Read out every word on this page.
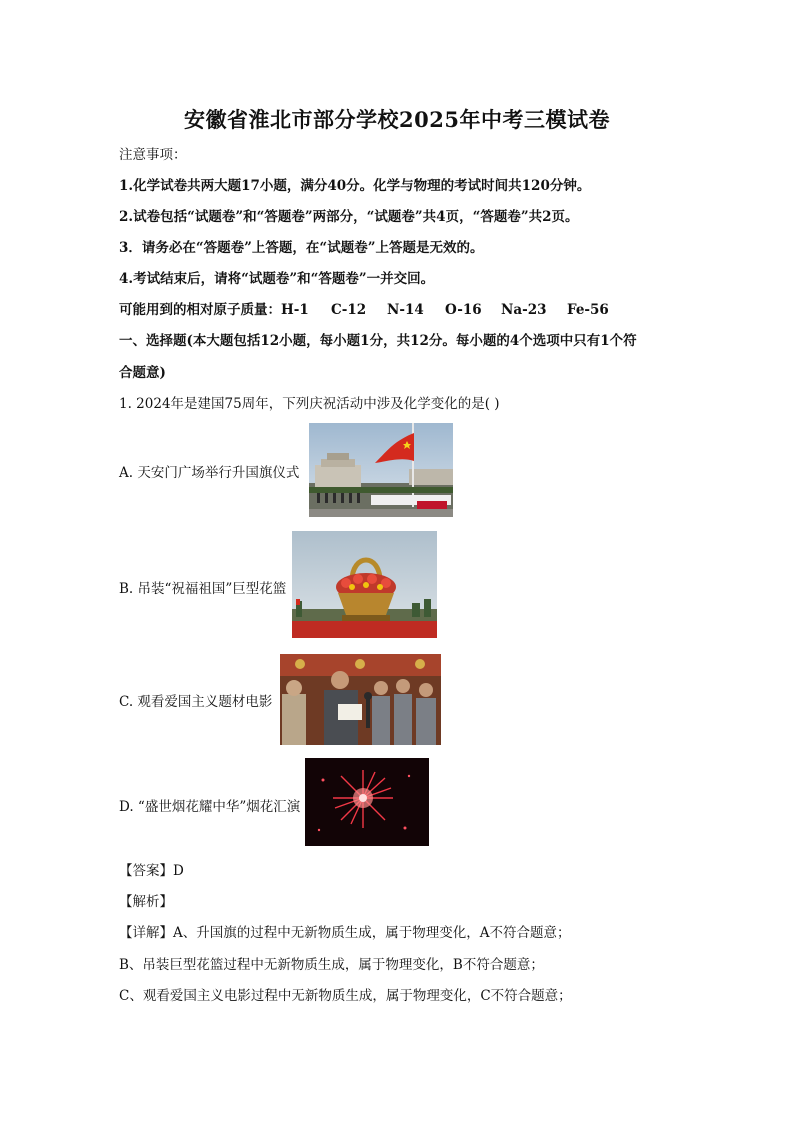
安徽省淮北市部分学校2025年中考三模试卷
注意事项：
1.化学试卷共两大题17小题，满分40分。化学与物理的考试时间共120分钟。
2.试卷包括“试题卷”和“答题卷”两部分，“试题卷”共4页，“答题卷”共2页。
3．请务必在“答题卷”上答题，在“试题卷”上答题是无效的。
4.考试结束后，请将“试题卷”和“答题卷”一并交回。
可能用到的相对原子质量：H-1 C-12 N-14 O-16 Na-23 Fe-56
一、选择题(本大题包括12小题，每小题1分，共12分。每小题的4个选项中只有1个符
合题意)
1. 2024年是建国75周年，下列庆祝活动中涉及化学变化的是( )
A. 天安门广场举行升国旗仪式
B. 吊装“祝福祖国”巨型花篮
C. 观看爱国主义题材电影
D. “盛世烟花耀中华”烟花汇演
【答案】D
【解析】
【详解】A、升国旗的过程中无新物质生成，属于物理变化，A不符合题意；
B、吊装巨型花篮过程中无新物质生成，属于物理变化，B不符合题意；
C、观看爱国主义电影过程中无新物质生成，属于物理变化，C不符合题意；
